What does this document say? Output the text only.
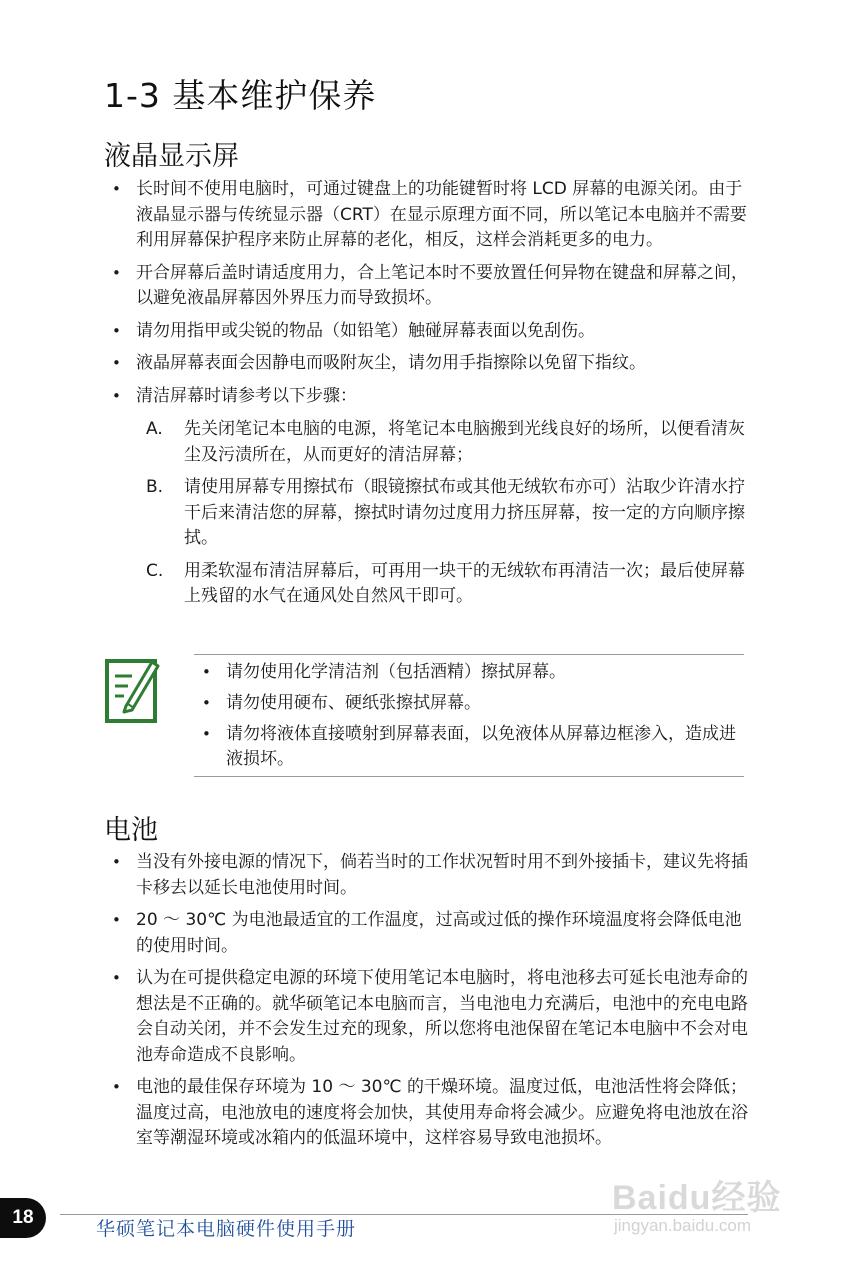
1-3 基本维护保养
液晶显示屏
• 长时间不使用电脑时，可通过键盘上的功能键暂时将 LCD 屏幕的电源关闭。由于液晶显示器与传统显示器（CRT）在显示原理方面不同，所以笔记本电脑并不需要利用屏幕保护程序来防止屏幕的老化，相反，这样会消耗更多的电力。
• 开合屏幕后盖时请适度用力，合上笔记本时不要放置任何异物在键盘和屏幕之间，以避免液晶屏幕因外界压力而导致损坏。
• 请勿用指甲或尖锐的物品（如铅笔）触碰屏幕表面以免刮伤。
• 液晶屏幕表面会因静电而吸附灰尘，请勿用手指擦除以免留下指纹。
• 清洁屏幕时请参考以下步骤：
A. 先关闭笔记本电脑的电源，将笔记本电脑搬到光线良好的场所，以便看清灰尘及污渍所在，从而更好的清洁屏幕；
B. 请使用屏幕专用擦拭布（眼镜擦拭布或其他无绒软布亦可）沾取少许清水拧干后来清洁您的屏幕，擦拭时请勿过度用力挤压屏幕，按一定的方向顺序擦拭。
C. 用柔软湿布清洁屏幕后，可再用一块干的无绒软布再清洁一次；最后使屏幕上残留的水气在通风处自然风干即可。
• 请勿使用化学清洁剂（包括酒精）擦拭屏幕。
• 请勿使用硬布、硬纸张擦拭屏幕。
• 请勿将液体直接喷射到屏幕表面，以免液体从屏幕边框渗入，造成进液损坏。
电池
• 当没有外接电源的情况下，倘若当时的工作状况暂时用不到外接插卡，建议先将插卡移去以延长电池使用时间。
• 20 ～ 30℃ 为电池最适宜的工作温度，过高或过低的操作环境温度将会降低电池的使用时间。
• 认为在可提供稳定电源的环境下使用笔记本电脑时，将电池移去可延长电池寿命的想法是不正确的。就华硕笔记本电脑而言，当电池电力充满后，电池中的充电电路会自动关闭，并不会发生过充的现象，所以您将电池保留在笔记本电脑中不会对电池寿命造成不良影响。
• 电池的最佳保存环境为 10 ～ 30℃ 的干燥环境。温度过低，电池活性将会降低；温度过高，电池放电的速度将会加快，其使用寿命将会减少。应避免将电池放在浴室等潮湿环境或冰箱内的低温环境中，这样容易导致电池损坏。
18
华硕笔记本电脑硬件使用手册
Baidu经验
jingyan.baidu.com
